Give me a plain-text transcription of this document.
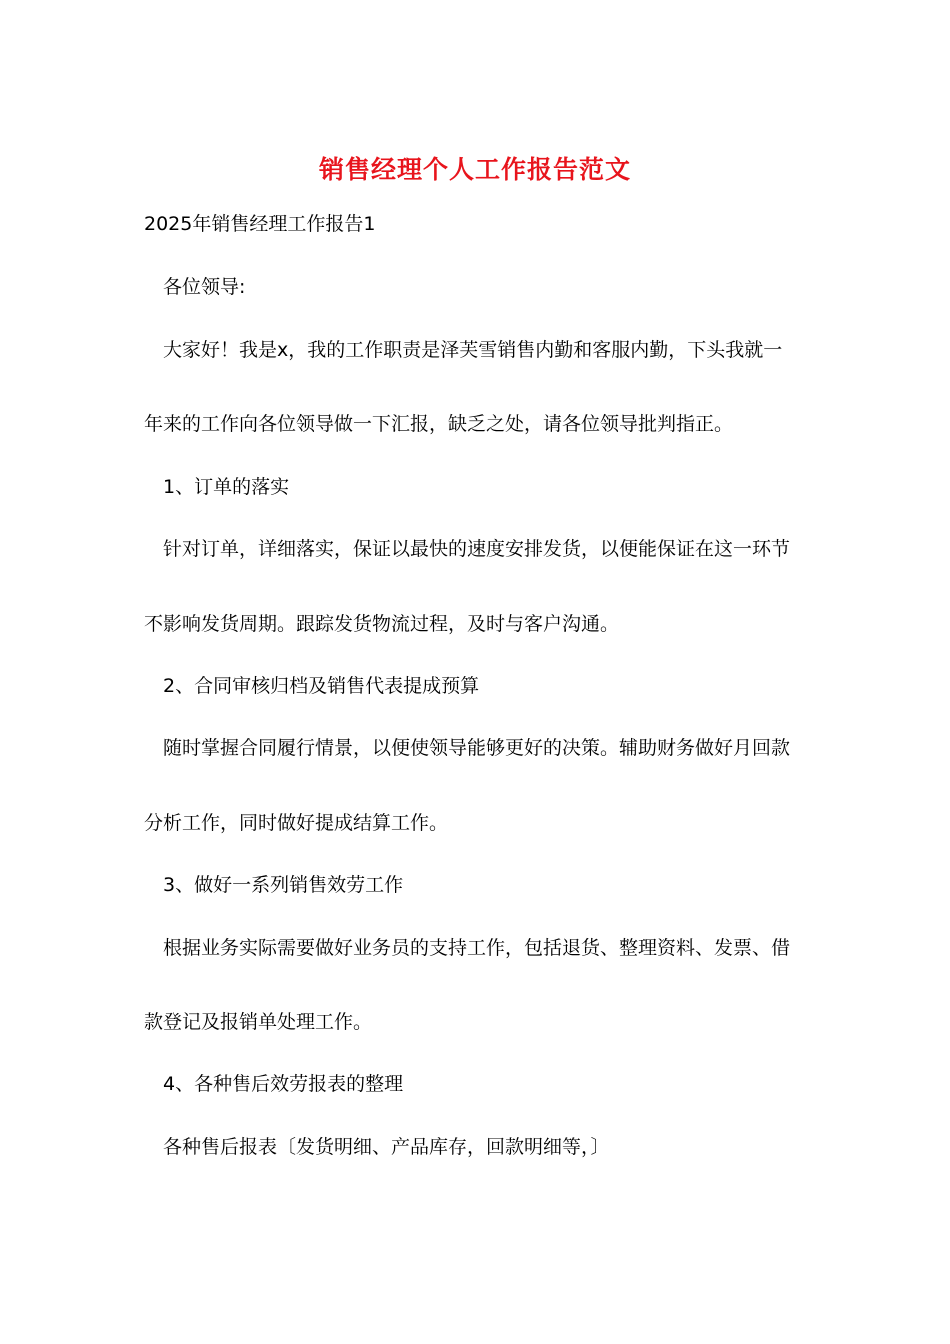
销售经理个人工作报告范文
2025年销售经理工作报告1
各位领导:
大家好！我是x，我的工作职责是泽芙雪销售内勤和客服内勤，下头我就一
年来的工作向各位领导做一下汇报，缺乏之处，请各位领导批判指正。
1、订单的落实
针对订单，详细落实，保证以最快的速度安排发货，以便能保证在这一环节
不影响发货周期。跟踪发货物流过程，及时与客户沟通。
2、合同审核归档及销售代表提成预算
随时掌握合同履行情景，以便使领导能够更好的决策。辅助财务做好月回款
分析工作，同时做好提成结算工作。
3、做好一系列销售效劳工作
根据业务实际需要做好业务员的支持工作，包括退货、整理资料、发票、借
款登记及报销单处理工作。
4、各种售后效劳报表的整理
各种售后报表〔发货明细、产品库存，回款明细等，〕
